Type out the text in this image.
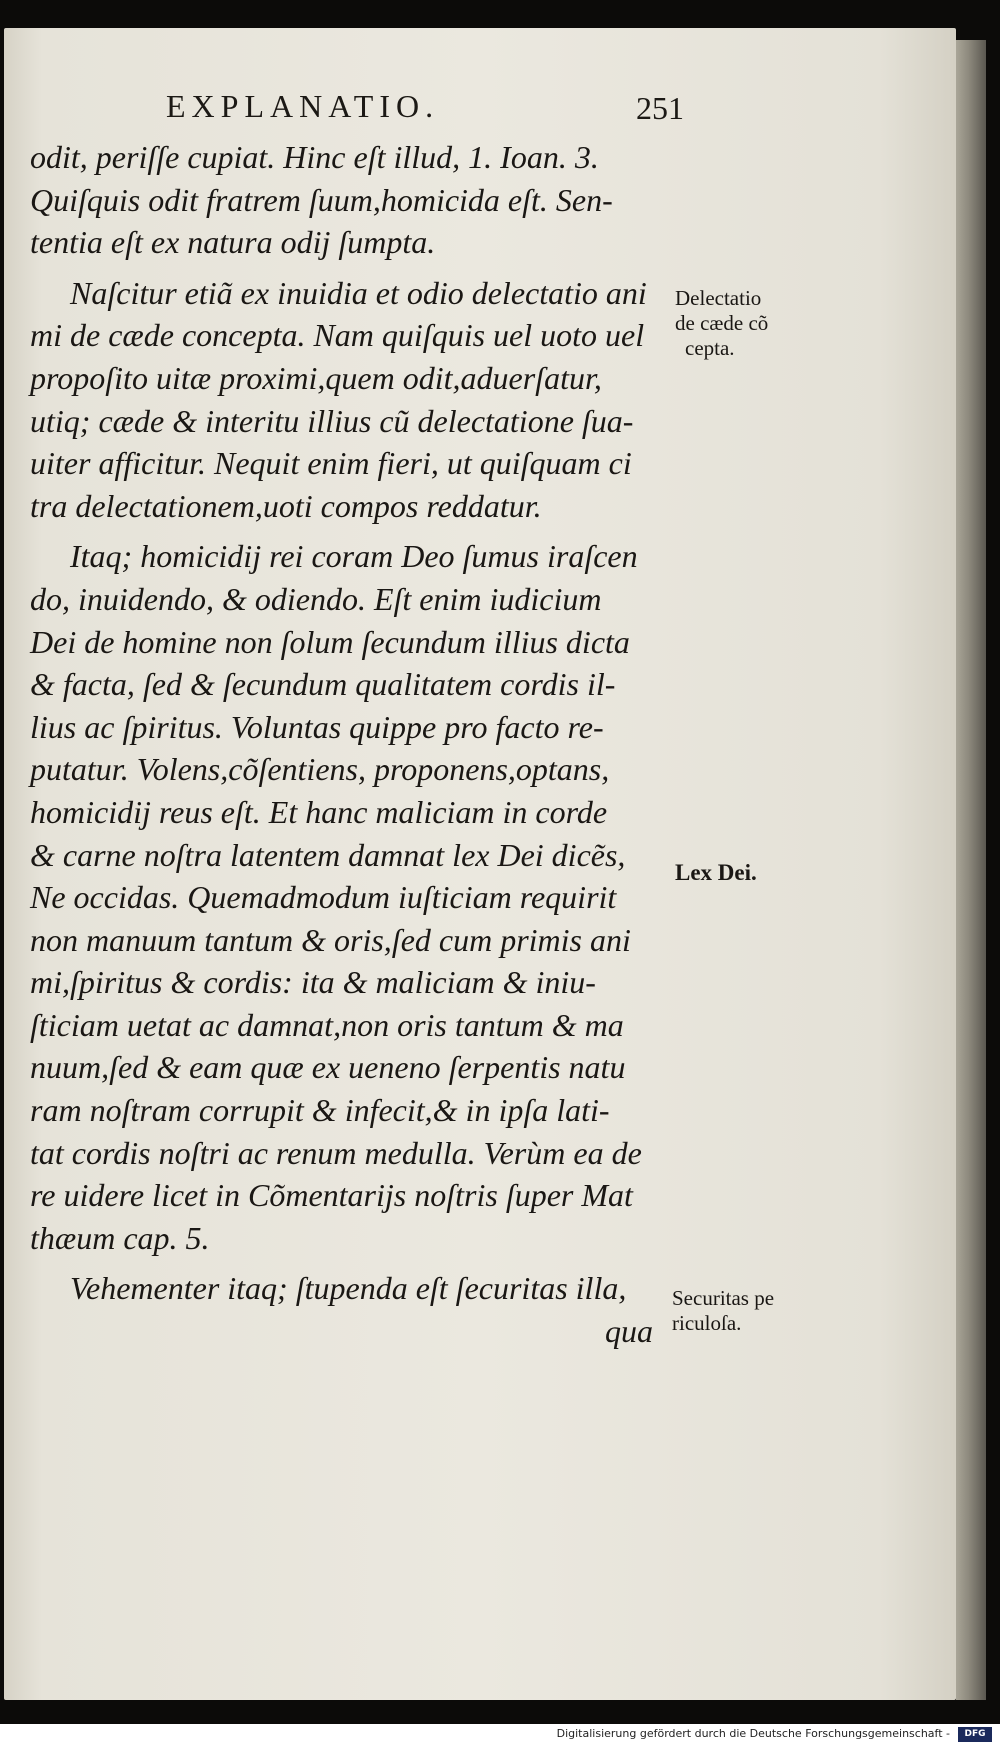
EXPLANATIO.	251
odit, periſſe cupiat. Hinc eſt illud, 1. Ioan. 3.
Quiſquis odit fratrem ſuum,homicida eſt. Sen-
tentia eſt ex natura odij ſumpta.
Naſcitur etiã ex inuidia et odio delectatio ani
mi de cæde concepta. Nam quiſquis uel uoto uel
propoſito uitæ proximi,quem odit,aduerſatur,
utiq; cæde & interitu illius cũ delectatione ſua-
uiter afficitur. Nequit enim fieri, ut quiſquam ci
tra delectationem,uoti compos reddatur.
Itaq; homicidij rei coram Deo ſumus iraſcen
do, inuidendo, & odiendo. Eſt enim iudicium
Dei de homine non ſolum ſecundum illius dicta
& facta, ſed & ſecundum qualitatem cordis il-
lius ac ſpiritus. Voluntas quippe pro facto re-
putatur. Volens,cõſentiens, proponens,optans,
homicidij reus eſt. Et hanc maliciam in corde
& carne noſtra latentem damnat lex Dei dicẽs,
Ne occidas. Quemadmodum iuſticiam requirit
non manuum tantum & oris,ſed cum primis ani
mi,ſpiritus & cordis: ita & maliciam & iniu-
ſticiam uetat ac damnat,non oris tantum & ma
nuum,ſed & eam quæ ex ueneno ſerpentis natu
ram noſtram corrupit & infecit,& in ipſa lati-
tat cordis noſtri ac renum medulla. Verùm ea de
re uidere licet in Cõmentarijs noſtris ſuper Mat
thæum cap. 5.
Vehementer itaq; ſtupenda eſt ſecuritas illa,
qua
Delectatio
de cæde cõ
cepta.
Lex Dei.
Securitas pe
riculoſa.
Digitalisierung gefördert durch die Deutsche Forschungsgemeinschaft -	DFG
